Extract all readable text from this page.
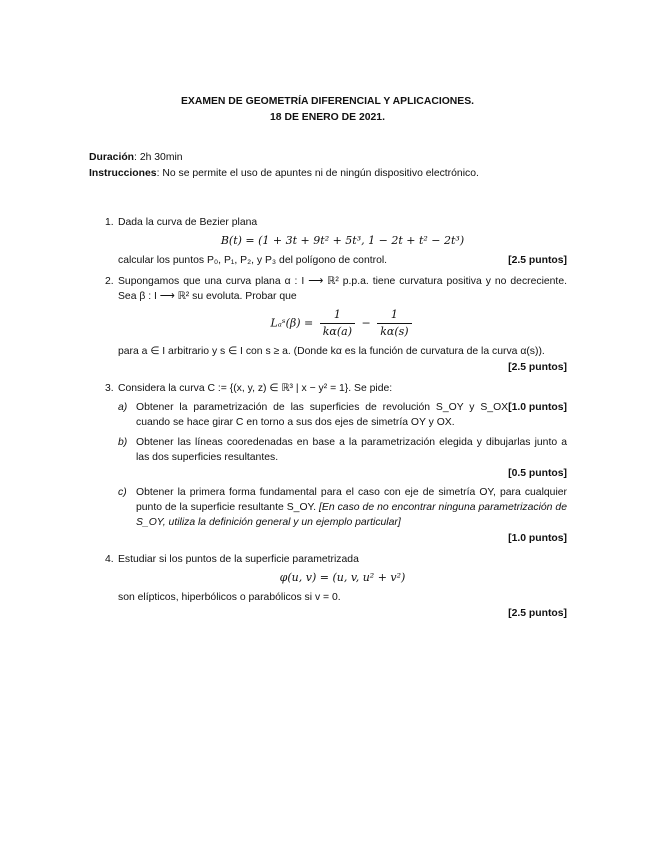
EXAMEN DE GEOMETRÍA DIFERENCIAL Y APLICACIONES.
18 DE ENERO DE 2021.
Duración: 2h 30min
Instrucciones: No se permite el uso de apuntes ni de ningún dispositivo electrónico.
1. Dada la curva de Bezier plana
B(t) = (1 + 3t + 9t² + 5t³, 1 − 2t + t² − 2t³)
[2.5 puntos]
calcular los puntos P₀, P₁, P₂, y P₃ del polígono de control.
2. Supongamos que una curva plana α : I ⟶ ℝ² p.p.a. tiene curvatura positiva y no decreciente. Sea β : I ⟶ ℝ² su evoluta. Probar que
Lₐˢ(β) = $\frac{1}{k\alpha(a)} - \frac{1}{k\alpha(s)}$
para a ∈ I arbitrario y s ∈ I con s ≥ a. (Donde kα es la función de curvatura de la curva α(s)).
[2.5 puntos]
3. Considera la curva C := {(x, y, z) ∈ ℝ³ | x − y² = 1}. Se pide:
a)	[1.0 puntos]
Obtener la parametrización de las superficies de revolución S_OY y S_OX cuando se hace girar C en torno a sus dos ejes de simetría OY y OX.
b) Obtener las líneas cooredenadas en base a la parametrización elegida y dibujarlas junto a las dos superficies resultantes.
[0.5 puntos]
c) Obtener la primera forma fundamental para el caso con eje de simetría OY, para cualquier punto de la superficie resultante S_OY. [En caso de no encontrar ninguna parametrización de S_OY, utiliza la definición general y un ejemplo particular]
[1.0 puntos]
4. Estudiar si los puntos de la superficie parametrizada
φ(u, v) = (u, v, u² + v²)
son elípticos, hiperbólicos o parabólicos si v = 0.
[2.5 puntos]
